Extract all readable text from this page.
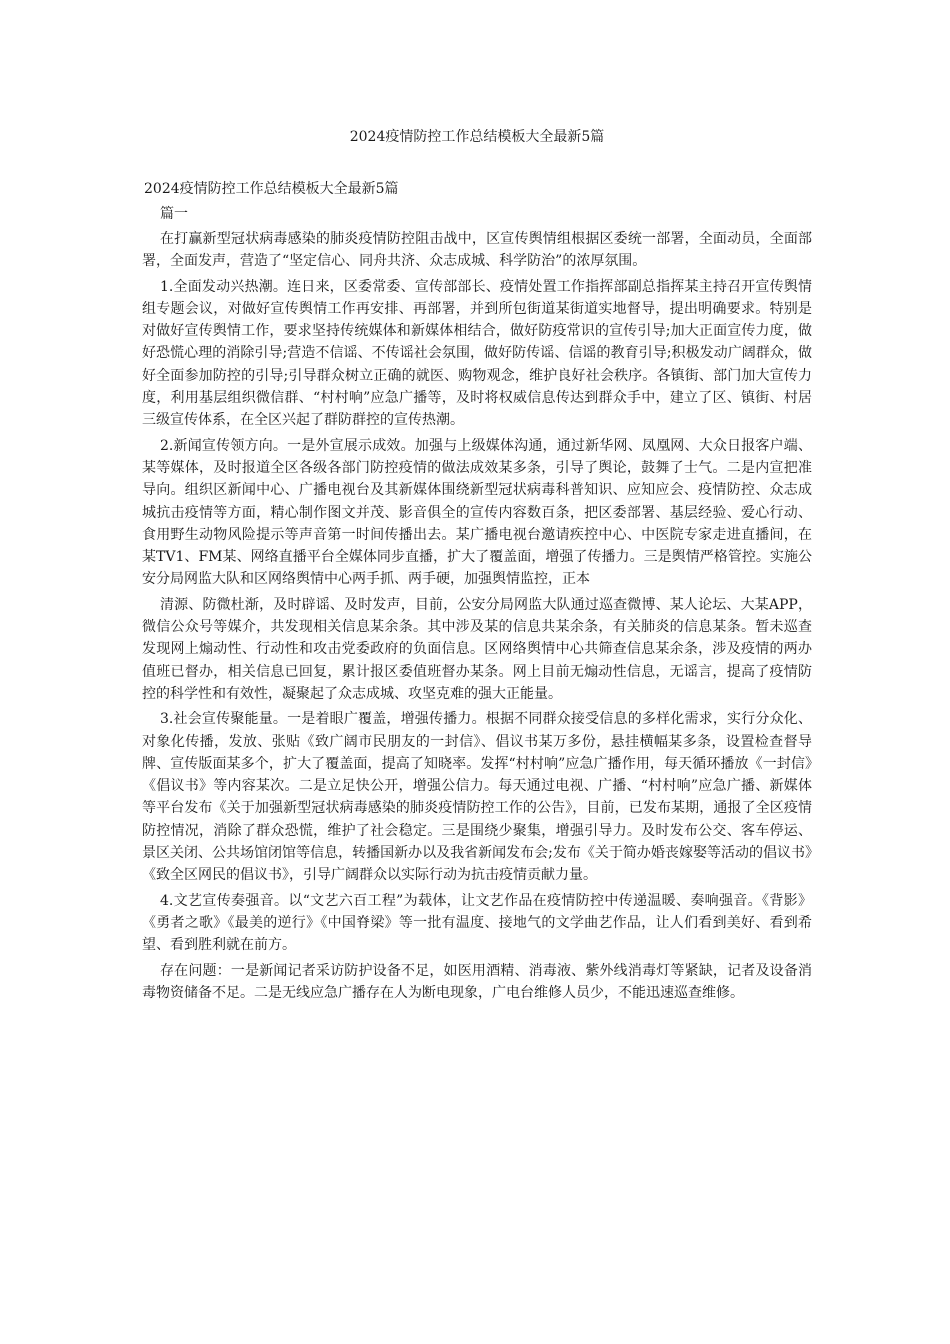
2024疫情防控工作总结模板大全最新5篇
2024疫情防控工作总结模板大全最新5篇
篇一

在打赢新型冠状病毒感染的肺炎疫情防控阻击战中，区宣传舆情组根据区委统一部署，全面动员，全面部署，全面发声，营造了“坚定信心、同舟共济、众志成城、科学防治”的浓厚氛围。

1.全面发动兴热潮。连日来，区委常委、宣传部部长、疫情处置工作指挥部副总指挥某主持召开宣传舆情组专题会议，对做好宣传舆情工作再安排、再部署，并到所包街道某街道实地督导，提出明确要求。特别是对做好宣传舆情工作，要求坚持传统媒体和新媒体相结合，做好防疫常识的宣传引导;加大正面宣传力度，做好恐慌心理的消除引导;营造不信谣、不传谣社会氛围，做好防传谣、信谣的教育引导;积极发动广阔群众，做好全面参加防控的引导;引导群众树立正确的就医、购物观念，维护良好社会秩序。各镇街、部门加大宣传力度，利用基层组织微信群、“村村响”应急广播等，及时将权威信息传达到群众手中，建立了区、镇街、村居三级宣传体系，在全区兴起了群防群控的宣传热潮。

2.新闻宣传领方向。一是外宣展示成效。加强与上级媒体沟通，通过新华网、凤凰网、大众日报客户端、某等媒体，及时报道全区各级各部门防控疫情的做法成效某多条，引导了舆论，鼓舞了士气。二是内宣把准导向。组织区新闻中心、广播电视台及其新媒体围绕新型冠状病毒科普知识、应知应会、疫情防控、众志成城抗击疫情等方面，精心制作图文并茂、影音俱全的宣传内容数百条，把区委部署、基层经验、爱心行动、食用野生动物风险提示等声音第一时间传播出去。某广播电视台邀请疾控中心、中医院专家走进直播间，在某TV1、FM某、网络直播平台全媒体同步直播，扩大了覆盖面，增强了传播力。三是舆情严格管控。实施公安分局网监大队和区网络舆情中心两手抓、两手硬，加强舆情监控，正本

清源、防微杜渐，及时辟谣、及时发声，目前，公安分局网监大队通过巡查微博、某人论坛、大某APP，微信公众号等媒介，共发现相关信息某余条。其中涉及某的信息共某余条，有关肺炎的信息某条。暂未巡查发现网上煽动性、行动性和攻击党委政府的负面信息。区网络舆情中心共筛查信息某余条，涉及疫情的两办值班已督办，相关信息已回复，累计报区委值班督办某条。网上目前无煽动性信息，无谣言，提高了疫情防控的科学性和有效性，凝聚起了众志成城、攻坚克难的强大正能量。

3.社会宣传聚能量。一是着眼广覆盖，增强传播力。根据不同群众接受信息的多样化需求，实行分众化、对象化传播，发放、张贴《致广阔市民朋友的一封信》、倡议书某万多份，悬挂横幅某多条，设置检查督导牌、宣传版面某多个，扩大了覆盖面，提高了知晓率。发挥“村村响”应急广播作用，每天循环播放《一封信》《倡议书》等内容某次。二是立足快公开，增强公信力。每天通过电视、广播、“村村响”应急广播、新媒体等平台发布《关于加强新型冠状病毒感染的肺炎疫情防控工作的公告》，目前，已发布某期，通报了全区疫情防控情况，消除了群众恐慌，维护了社会稳定。三是围绕少聚集，增强引导力。及时发布公交、客车停运、景区关闭、公共场馆闭馆等信息，转播国新办以及我省新闻发布会;发布《关于简办婚丧嫁娶等活动的倡议书》《致全区网民的倡议书》，引导广阔群众以实际行动为抗击疫情贡献力量。

4.文艺宣传奏强音。以“文艺六百工程”为载体，让文艺作品在疫情防控中传递温暖、奏响强音。《背影》《勇者之歌》《最美的逆行》《中国脊梁》等一批有温度、接地气的文学曲艺作品，让人们看到美好、看到希望、看到胜利就在前方。

存在问题：一是新闻记者采访防护设备不足，如医用酒精、消毒液、紫外线消毒灯等紧缺，记者及设备消毒物资储备不足。二是无线应急广播存在人为断电现象，广电台维修人员少，不能迅速巡查维修。
